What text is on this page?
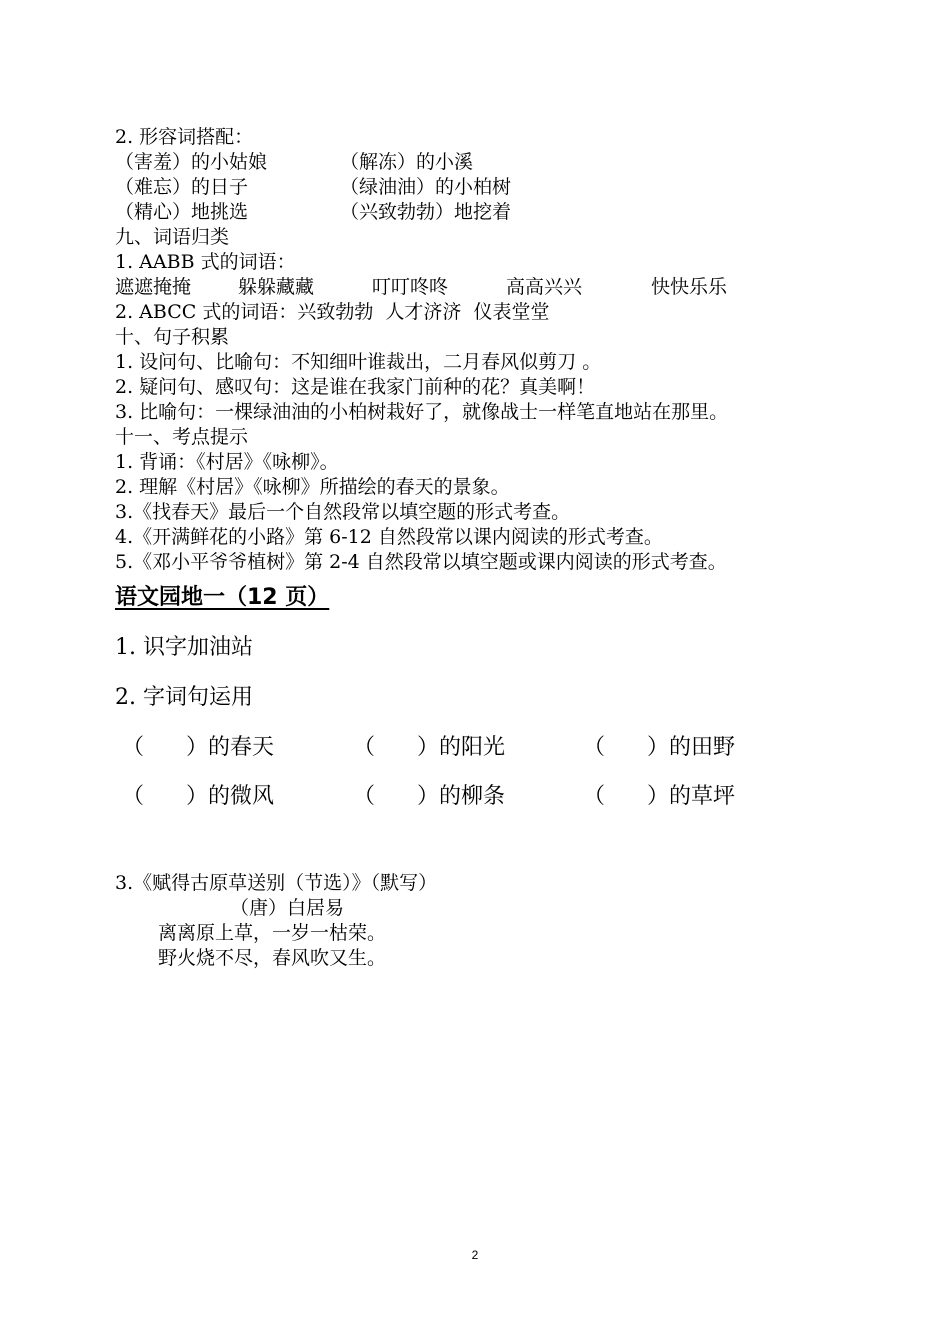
2. 形容词搭配：
（害羞）的小姑娘	（解冻）的小溪
（难忘）的日子	（绿油油）的小柏树
（精心）地挑选	（兴致勃勃）地挖着
九、词语归类
1. AABB 式的词语：
遮遮掩掩 躲躲藏藏	叮叮咚咚	高高兴兴	快快乐乐
2. ABCC 式的词语：兴致勃勃  人才济济  仪表堂堂
十、句子积累
1. 设问句、比喻句：不知细叶谁裁出，二月春风似剪刀 。
2. 疑问句、感叹句：这是谁在我家门前种的花？真美啊！
3. 比喻句：一棵绿油油的小柏树栽好了，就像战士一样笔直地站在那里。
十一、考点提示
1. 背诵：《村居》《咏柳》。
2. 理解《村居》《咏柳》所描绘的春天的景象。
3.《找春天》最后一个自然段常以填空题的形式考查。
4.《开满鲜花的小路》第 6-12 自然段常以课内阅读的形式考查。
5.《邓小平爷爷植树》第 2-4 自然段常以填空题或课内阅读的形式考查。
语文园地一（12 页）
1. 识字加油站
2. 字词句运用
（      ）的春天	（      ）的阳光	（      ）的田野
（      ）的微风	（      ）的柳条	（      ）的草坪
3.《赋得古原草送别（节选）》（默写）
（唐）白居易
离离原上草，一岁一枯荣。
野火烧不尽，春风吹又生。
2
